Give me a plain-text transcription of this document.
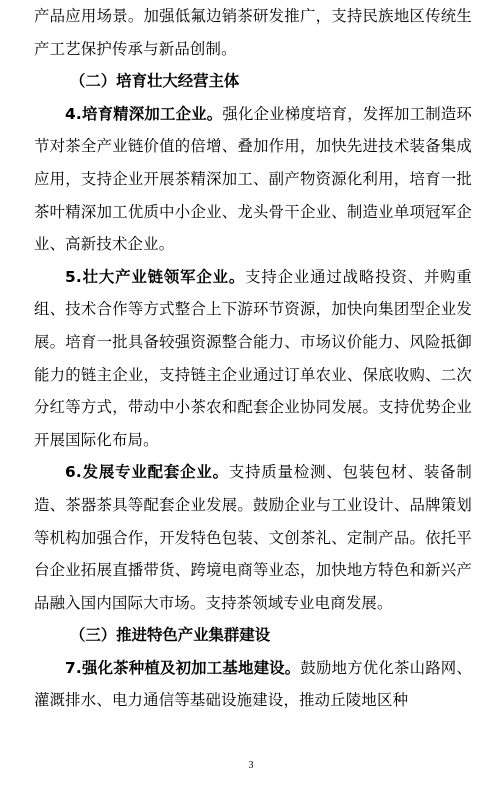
产品应用场景。加强低氟边销茶研发推广，支持民族地区传统生产工艺保护传承与新品创制。

（二）培育壮大经营主体

4.培育精深加工企业。强化企业梯度培育，发挥加工制造环节对茶全产业链价值的倍增、叠加作用，加快先进技术装备集成应用，支持企业开展茶精深加工、副产物资源化利用，培育一批茶叶精深加工优质中小企业、龙头骨干企业、制造业单项冠军企业、高新技术企业。

5.壮大产业链领军企业。支持企业通过战略投资、并购重组、技术合作等方式整合上下游环节资源，加快向集团型企业发展。培育一批具备较强资源整合能力、市场议价能力、风险抵御能力的链主企业，支持链主企业通过订单农业、保底收购、二次分红等方式，带动中小茶农和配套企业协同发展。支持优势企业开展国际化布局。

6.发展专业配套企业。支持质量检测、包装包材、装备制造、茶器茶具等配套企业发展。鼓励企业与工业设计、品牌策划等机构加强合作，开发特色包装、文创茶礼、定制产品。依托平台企业拓展直播带货、跨境电商等业态，加快地方特色和新兴产品融入国内国际大市场。支持茶领域专业电商发展。

（三）推进特色产业集群建设

7.强化茶种植及初加工基地建设。鼓励地方优化茶山路网、灌溉排水、电力通信等基础设施建设，推动丘陵地区种

3
